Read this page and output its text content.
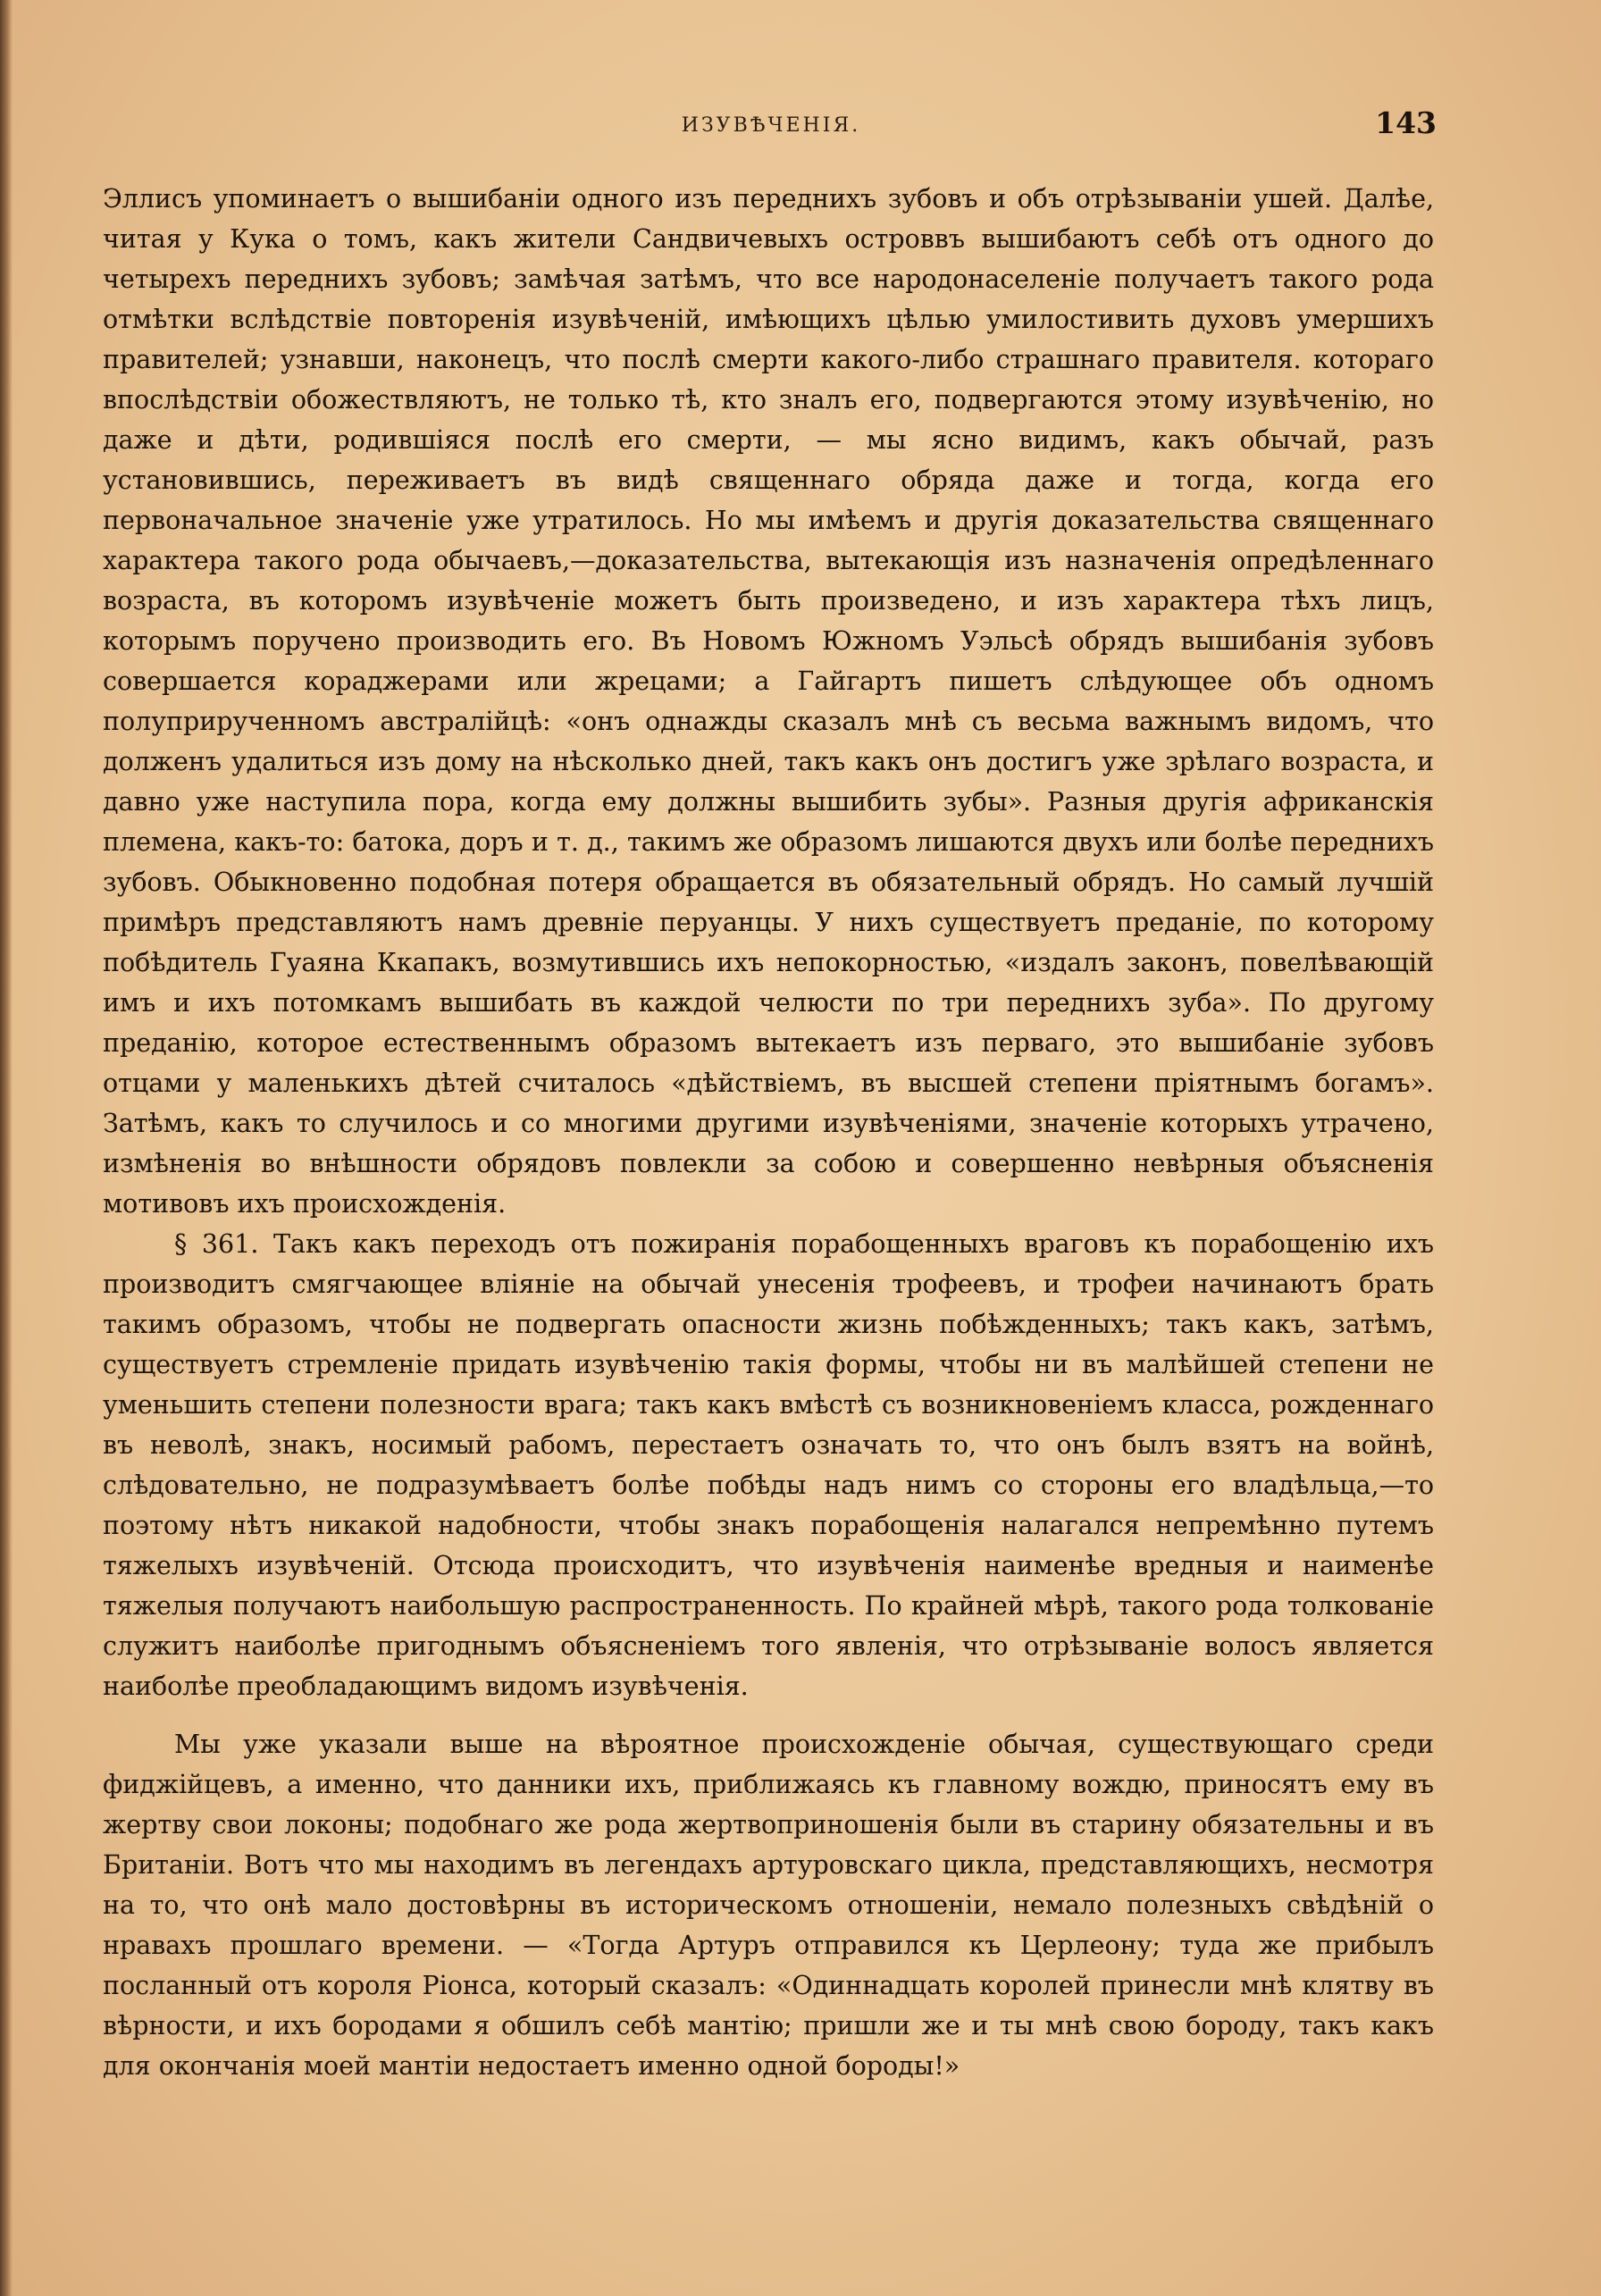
ИЗУВѢЧЕНІЯ.	143

Эллисъ упоминаетъ о вышибаніи одного изъ переднихъ зубовъ и объ отрѣзываніи ушей. Далѣе, читая у Кука о томъ, какъ жители Сандвичевыхъ островвъ вышибаютъ себѣ отъ одного до четырехъ переднихъ зубовъ; замѣчая затѣмъ, что все народонаселеніе получаетъ такого рода отмѣтки вслѣдствіе повторенія изувѣченій, имѣющихъ цѣлью умилостивить духовъ умершихъ правителей; узнавши, наконецъ, что послѣ смерти какого-либо страшнаго правителя. котораго впослѣдствіи обожествляютъ, не только тѣ, кто зналъ его, подвергаются этому изувѣченію, но даже и дѣти, родившіяся послѣ его смерти, — мы ясно видимъ, какъ обычай, разъ установившись, переживаетъ въ видѣ священнаго обряда даже и тогда, когда его первоначальное значеніе уже утратилось. Но мы имѣемъ и другія доказательства священнаго характера такого рода обычаевъ,—доказательства, вытекающія изъ назначенія опредѣленнаго возраста, въ которомъ изувѣченіе можетъ быть произведено, и изъ характера тѣхъ лицъ, которымъ поручено производить его. Въ Новомъ Южномъ Уэльсѣ обрядъ вышибанія зубовъ совершается кораджерами или жрецами; а Гайгартъ пишетъ слѣдующее объ одномъ полуприрученномъ австралійцѣ: «онъ однажды сказалъ мнѣ съ весьма важнымъ видомъ, что долженъ удалиться изъ дому на нѣсколько дней, такъ какъ онъ достигъ уже зрѣлаго возраста, и давно уже наступила пора, когда ему должны вышибить зубы». Разныя другія африканскія племена, какъ-то: батока, доръ и т. д., такимъ же образомъ лишаются двухъ или болѣе переднихъ зубовъ. Обыкновенно подобная потеря обращается въ обязательный обрядъ. Но самый лучшій примѣръ представляютъ намъ древніе перуанцы. У нихъ существуетъ преданіе, по которому побѣдитель Гуаяна Ккапакъ, возмутившись ихъ непокорностью, «издалъ законъ, повелѣвающій имъ и ихъ потомкамъ вышибать въ каждой челюсти по три переднихъ зуба». По другому преданію, которое естественнымъ образомъ вытекаетъ изъ перваго, это вышибаніе зубовъ отцами у маленькихъ дѣтей считалось «дѣйствіемъ, въ высшей степени пріятнымъ богамъ». Затѣмъ, какъ то случилось и со многими другими изувѣченіями, значеніе которыхъ утрачено, измѣненія во внѣшности обрядовъ повлекли за собою и совершенно невѣрныя объясненія мотивовъ ихъ происхожденія.

§ 361. Такъ какъ переходъ отъ пожиранія порабощенныхъ враговъ къ порабощенію ихъ производитъ смягчающее вліяніе на обычай унесенія трофеевъ, и трофеи начинаютъ брать такимъ образомъ, чтобы не подвергать опасности жизнь побѣжденныхъ; такъ какъ, затѣмъ, существуетъ стремленіе придать изувѣченію такія формы, чтобы ни въ малѣйшей степени не уменьшить степени полезности врага; такъ какъ вмѣстѣ съ возникновеніемъ класса, рожденнаго въ неволѣ, знакъ, носимый рабомъ, перестаетъ означать то, что онъ былъ взятъ на войнѣ, слѣдовательно, не подразумѣваетъ болѣе побѣды надъ нимъ со стороны его владѣльца,—то поэтому нѣтъ никакой надобности, чтобы знакъ порабощенія налагался непремѣнно путемъ тяжелыхъ изувѣченій. Отсюда происходитъ, что изувѣченія наименѣе вредныя и наименѣе тяжелыя получаютъ наибольшую распространенность. По крайней мѣрѣ, такого рода толкованіе служитъ наиболѣе пригоднымъ объясненіемъ того явленія, что отрѣзываніе волосъ является наиболѣе преобладающимъ видомъ изувѣченія.

Мы уже указали выше на вѣроятное происхожденіе обычая, существующаго среди фиджійцевъ, а именно, что данники ихъ, приближаясь къ главному вождю, приносятъ ему въ жертву свои локоны; подобнаго же рода жертвоприношенія были въ старину обязательны и въ Британіи. Вотъ что мы находимъ въ легендахъ артуровскаго цикла, представляющихъ, несмотря на то, что онѣ мало достовѣрны въ историческомъ отношеніи, немало полезныхъ свѣдѣній о нравахъ прошлаго времени. — «Тогда Артуръ отправился къ Церлеону; туда же прибылъ посланный отъ короля Ріонса, который сказалъ: «Одиннадцать королей принесли мнѣ клятву въ вѣрности, и ихъ бородами я обшилъ себѣ мантію; пришли же и ты мнѣ свою бороду, такъ какъ для окончанія моей мантіи недостаетъ именно одной бороды!»
